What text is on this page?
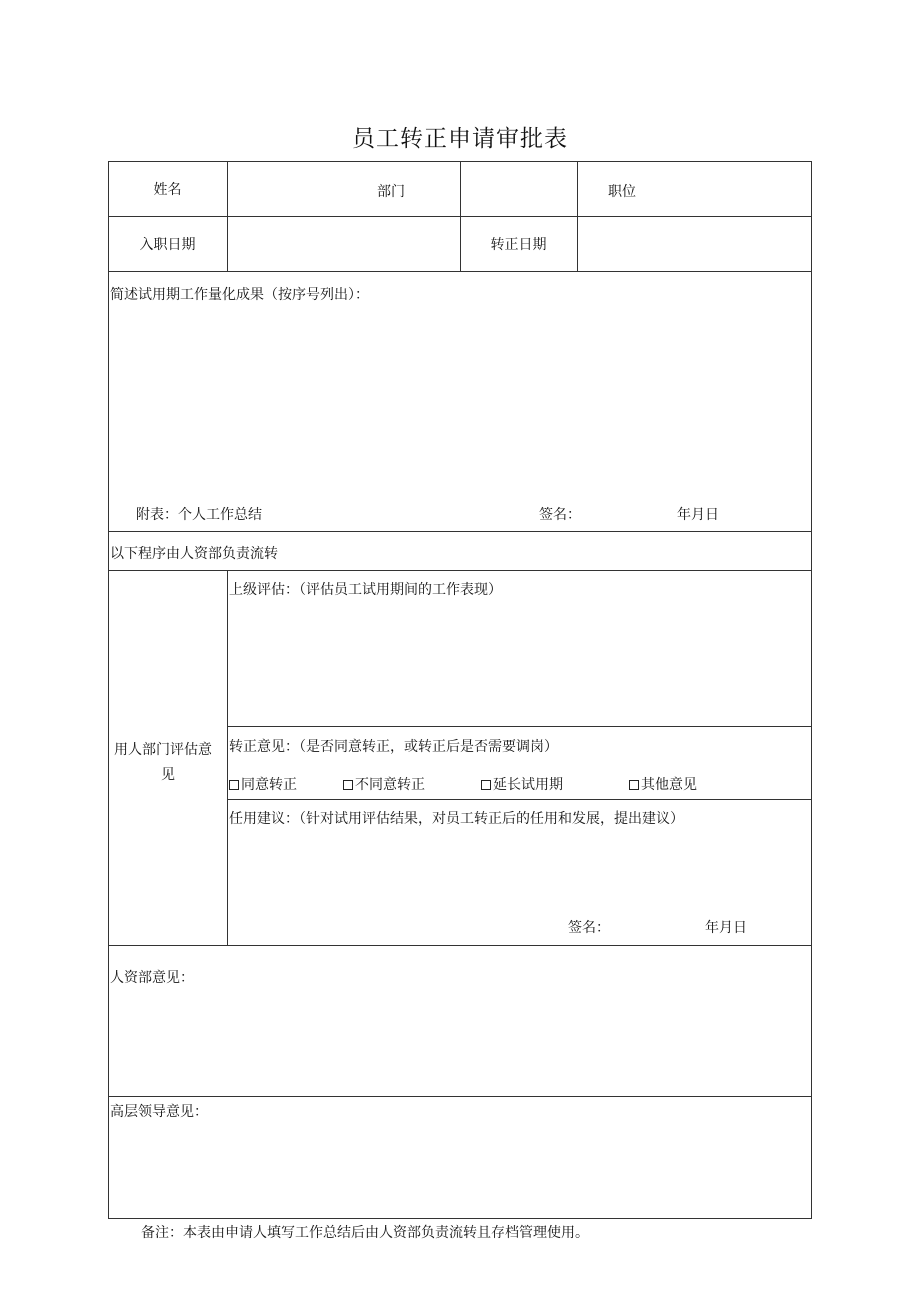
员工转正申请审批表
姓名	部门	职位
入职日期	转正日期
简述试用期工作量化成果（按序号列出）：
附表：个人工作总结	签名：	年月日
以下程序由人资部负责流转
用人部门评估意
见
上级评估：（评估员工试用期间的工作表现）
转正意见：（是否同意转正，或转正后是否需要调岗）
同意转正	不同意转正	延长试用期	其他意见
任用建议：（针对试用评估结果，对员工转正后的任用和发展，提出建议）
签名：	年月日
人资部意见：
高层领导意见：
备注：本表由申请人填写工作总结后由人资部负责流转且存档管理使用。
